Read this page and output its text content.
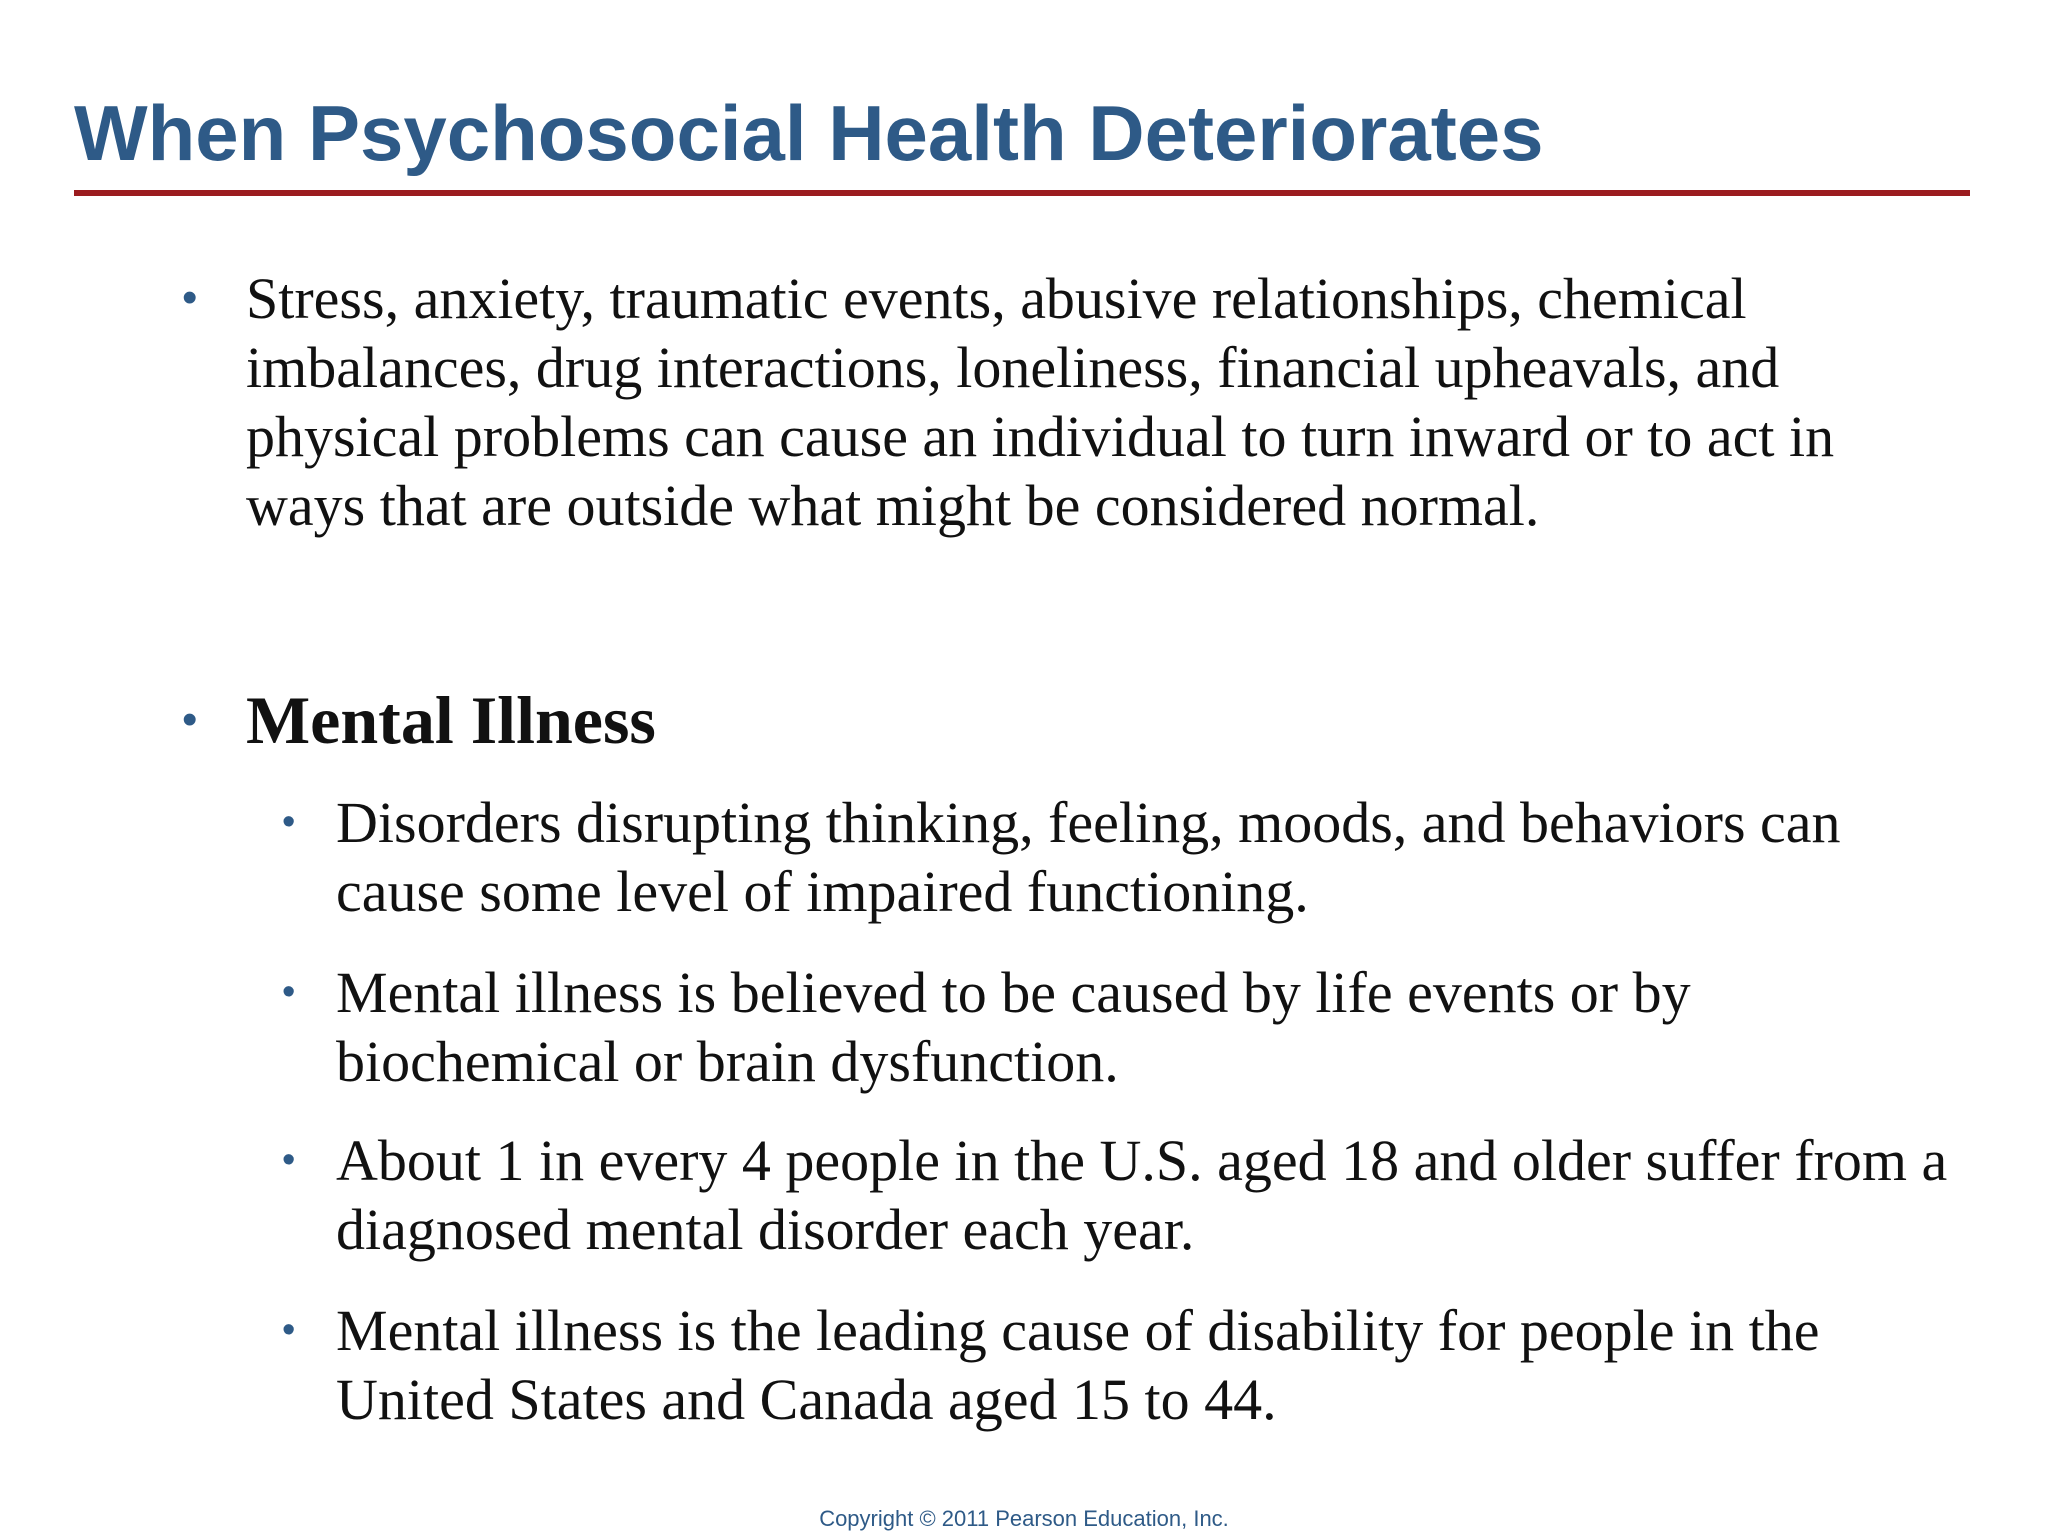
When Psychosocial Health Deteriorates
• Stress, anxiety, traumatic events, abusive relationships, chemical imbalances, drug interactions, loneliness, financial upheavals, and physical problems can cause an individual to turn inward or to act in ways that are outside what might be considered normal.
• Mental Illness
• Disorders disrupting thinking, feeling, moods, and behaviors can cause some level of impaired functioning.
• Mental illness is believed to be caused by life events or by biochemical or brain dysfunction.
• About 1 in every 4 people in the U.S. aged 18 and older suffer from a diagnosed mental disorder each year.
• Mental illness is the leading cause of disability for people in the United States and Canada aged 15 to 44.
Copyright © 2011 Pearson Education, Inc.
